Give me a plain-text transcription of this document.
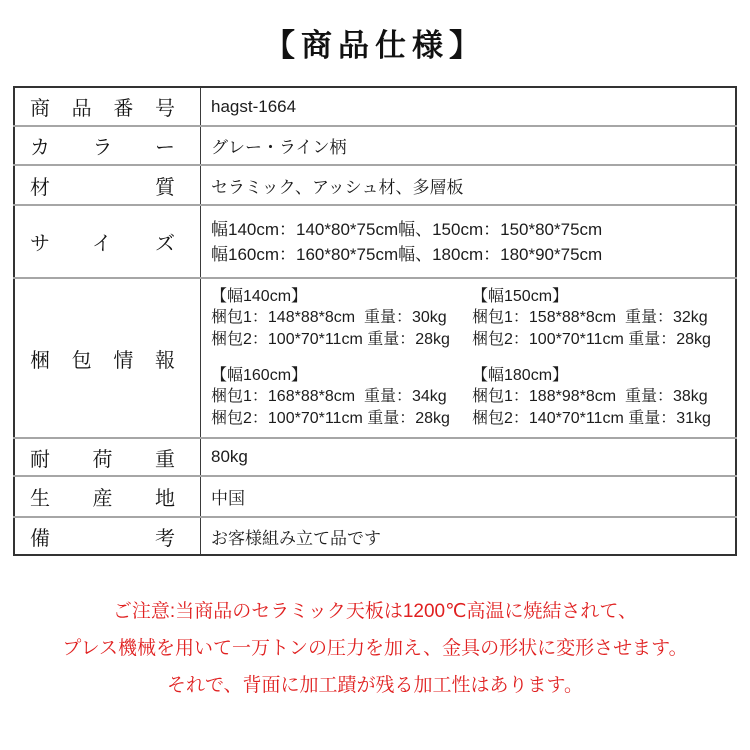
【商品仕様】
商品番号	hagst-1664
カラー	グレー・ライン柄
材質	セラミック、アッシュ材、多層板
サイズ	幅140cm：140*80*75cm幅、150cm：150*80*75cm
幅160cm：160*80*75cm幅、180cm：180*90*75cm

梱包情報	
【幅140cm】
梱包1：148*88*8cm  重量：30kg
梱包2：100*70*11cm 重量：28kg
【幅150cm】
梱包1：158*88*8cm  重量：32kg
梱包2：100*70*11cm 重量：28kg
【幅160cm】
梱包1：168*88*8cm  重量：34kg
梱包2：100*70*11cm 重量：28kg
【幅180cm】
梱包1：188*98*8cm  重量：38kg
梱包2：140*70*11cm 重量：31kg

耐荷重	80kg
生産地	中国
備考	お客様組み立て品です

ご注意:当商品のセラミック天板は1200℃高温に焼結されて、

プレス機械を用いて一万トンの圧力を加え、金具の形状に変形させます。

それで、背面に加工蹟が残る加工性はあります。
